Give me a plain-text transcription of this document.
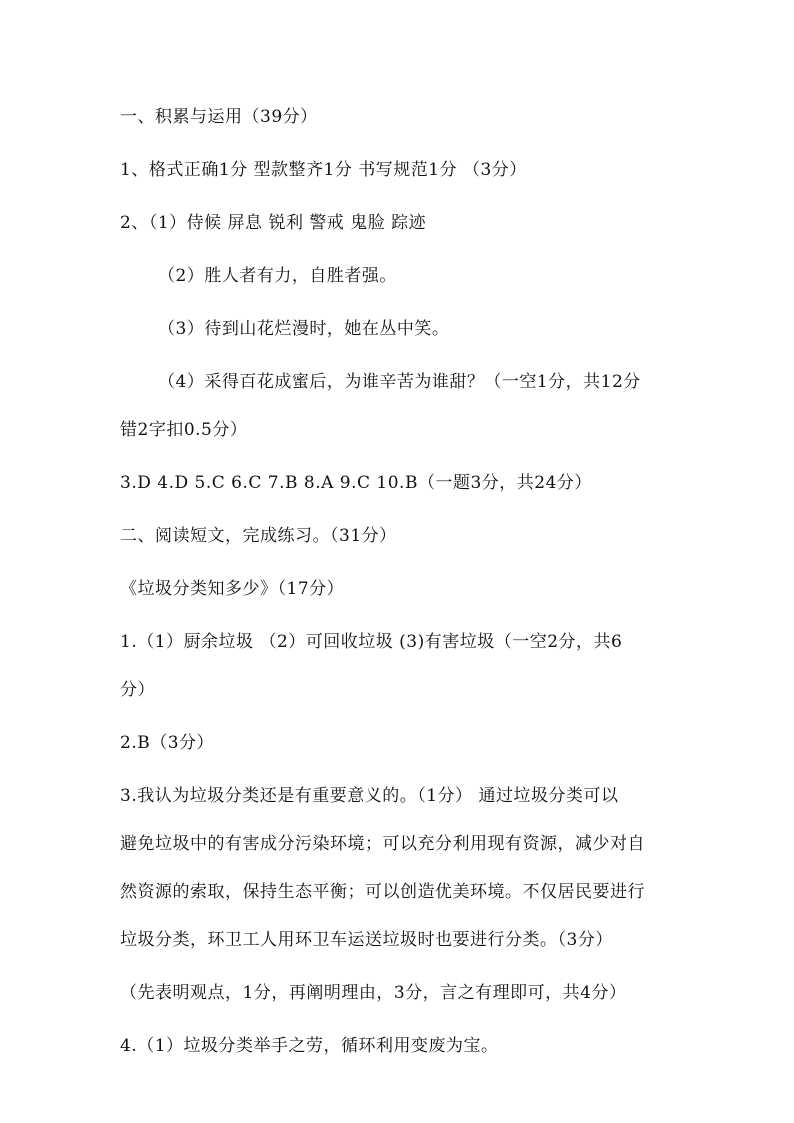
一、积累与运用（39分）
1、格式正确1分 型款整齐1分 书写规范1分 （3分）
2、（1）侍候 屏息 锐利 警戒 鬼脸 踪迹
（2）胜人者有力，自胜者强。
（3）待到山花烂漫时，她在丛中笑。
（4）采得百花成蜜后，为谁辛苦为谁甜？（一空1分，共12分
错2字扣0.5分）
3.D 4.D 5.C 6.C 7.B 8.A 9.C 10.B（一题3分，共24分）
二、阅读短文，完成练习。（31分）
《垃圾分类知多少》（17分）
1.（1）厨余垃圾 （2）可回收垃圾 (3)有害垃圾（一空2分，共6
分）
2.B（3分）
3.我认为垃圾分类还是有重要意义的。（1分） 通过垃圾分类可以
避免垃圾中的有害成分污染环境；可以充分利用现有资源，减少对自
然资源的索取，保持生态平衡；可以创造优美环境。不仅居民要进行
垃圾分类，环卫工人用环卫车运送垃圾时也要进行分类。（3分）
（先表明观点，1分，再阐明理由，3分，言之有理即可，共4分）
4.（1）垃圾分类举手之劳，循环利用变废为宝。
